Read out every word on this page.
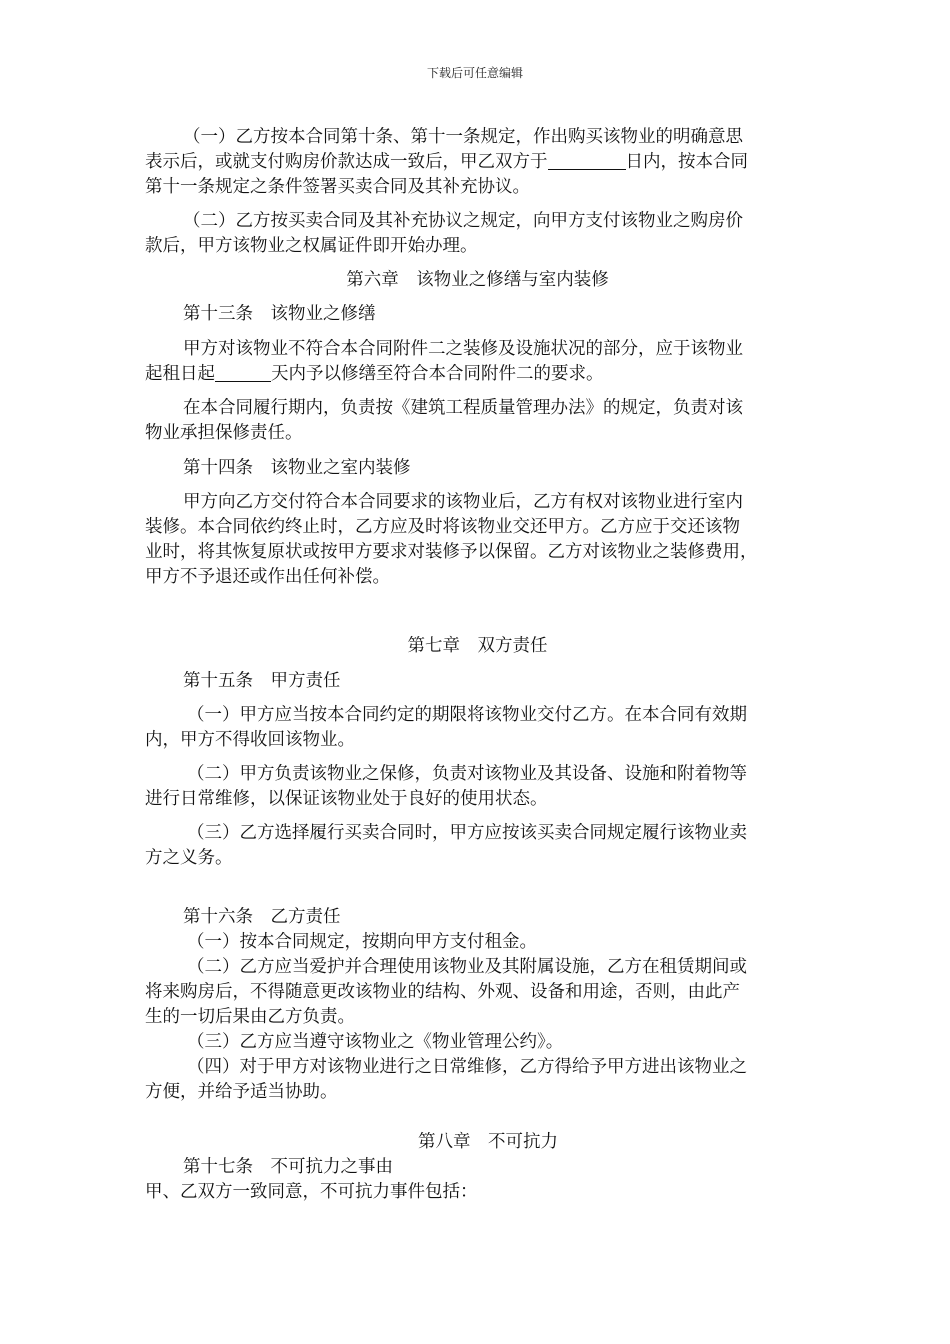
下载后可任意编辑
（一）乙方按本合同第十条、第十一条规定，作出购买该物业的明确意思
表示后，或就支付购房价款达成一致后，甲乙双方于	日内，按本合同
第十一条规定之条件签署买卖合同及其补充协议。
（二）乙方按买卖合同及其补充协议之规定，向甲方支付该物业之购房价
款后，甲方该物业之权属证件即开始办理。
第六章　该物业之修缮与室内装修
第十三条　该物业之修缮
甲方对该物业不符合本合同附件二之装修及设施状况的部分，应于该物业
起租日起	天内予以修缮至符合本合同附件二的要求。
在本合同履行期内，负责按《建筑工程质量管理办法》的规定，负责对该
物业承担保修责任。
第十四条　该物业之室内装修
甲方向乙方交付符合本合同要求的该物业后，乙方有权对该物业进行室内
装修。本合同依约终止时，乙方应及时将该物业交还甲方。乙方应于交还该物
业时，将其恢复原状或按甲方要求对装修予以保留。乙方对该物业之装修费用，
甲方不予退还或作出任何补偿。
第七章　双方责任
第十五条　甲方责任
（一）甲方应当按本合同约定的期限将该物业交付乙方。在本合同有效期
内，甲方不得收回该物业。
（二）甲方负责该物业之保修，负责对该物业及其设备、设施和附着物等
进行日常维修，以保证该物业处于良好的使用状态。
（三）乙方选择履行买卖合同时，甲方应按该买卖合同规定履行该物业卖
方之义务。
第十六条　乙方责任
（一）按本合同规定，按期向甲方支付租金。
（二）乙方应当爱护并合理使用该物业及其附属设施，乙方在租赁期间或
将来购房后，不得随意更改该物业的结构、外观、设备和用途，否则，由此产
生的一切后果由乙方负责。
（三）乙方应当遵守该物业之《物业管理公约》。
（四）对于甲方对该物业进行之日常维修，乙方得给予甲方进出该物业之
方便，并给予适当协助。
第八章　不可抗力
第十七条　不可抗力之事由
甲、乙双方一致同意，不可抗力事件包括：
